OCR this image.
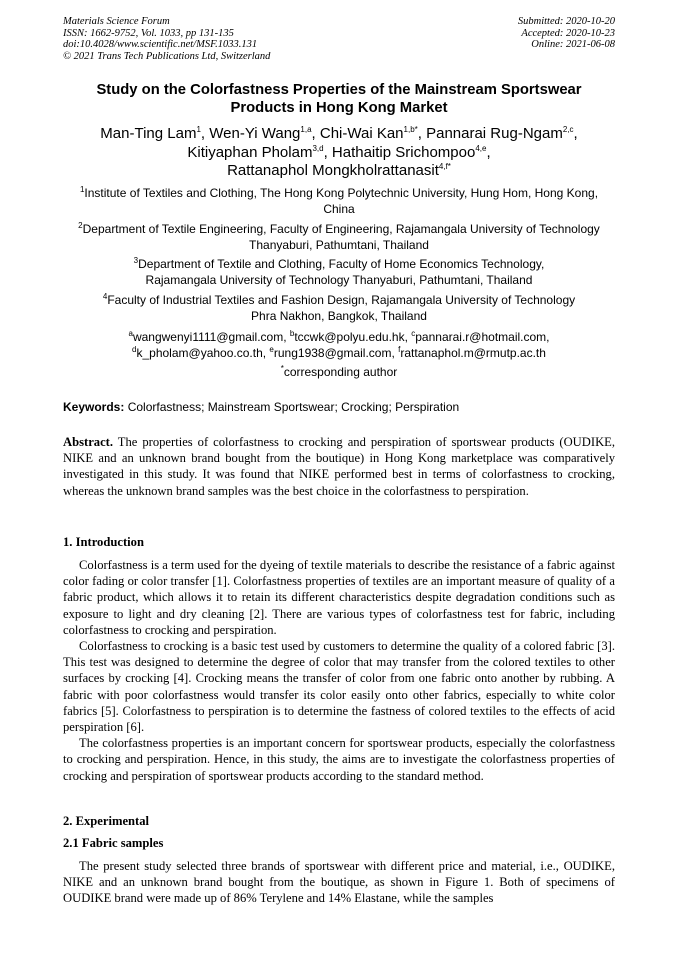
Materials Science Forum
ISSN: 1662-9752, Vol. 1033, pp 131-135
doi:10.4028/www.scientific.net/MSF.1033.131
© 2021 Trans Tech Publications Ltd, Switzerland
Submitted: 2020-10-20
Accepted: 2020-10-23
Online: 2021-06-08
Study on the Colorfastness Properties of the Mainstream Sportswear
Products in Hong Kong Market
Man-Ting Lam$^1$, Wen-Yi Wang$^{1,a}$, Chi-Wai Kan$^{1,b*}$, Pannarai Rug-Ngam$^{2,c}$,
Kitiyaphan Pholam$^{3,d}$, Hathaitip Srichompoo$^{4,e}$,
Rattanaphol Mongkholrattanasit$^{4,f*}$
$^1$Institute of Textiles and Clothing, The Hong Kong Polytechnic University, Hung Hom, Hong Kong,
China
$^2$Department of Textile Engineering, Faculty of Engineering, Rajamangala University of Technology
Thanyaburi, Pathumtani, Thailand
$^3$Department of Textile and Clothing, Faculty of Home Economics Technology,
Rajamangala University of Technology Thanyaburi, Pathumtani, Thailand
$^4$Faculty of Industrial Textiles and Fashion Design, Rajamangala University of Technology
Phra Nakhon, Bangkok, Thailand
$^a$wangwenyi1111@gmail.com, $^b$tccwk@polyu.edu.hk, $^c$pannarai.r@hotmail.com,
$^d$k_pholam@yahoo.co.th, $^e$rung1938@gmail.com, $^f$rattanaphol.m@rmutp.ac.th
*corresponding author
Keywords: Colorfastness; Mainstream Sportswear; Crocking; Perspiration

Abstract. The properties of colorfastness to crocking and perspiration of sportswear products (OUDIKE, NIKE and an unknown brand bought from the boutique) in Hong Kong marketplace was comparatively investigated in this study. It was found that NIKE performed best in terms of colorfastness to crocking, whereas the unknown brand samples was the best choice in the colorfastness to perspiration.

1. Introduction

Colorfastness is a term used for the dyeing of textile materials to describe the resistance of a fabric against color fading or color transfer [1]. Colorfastness properties of textiles are an important measure of quality of a fabric product, which allows it to retain its different characteristics despite degradation conditions such as exposure to light and dry cleaning [2]. There are various types of colorfastness test for fabric, including colorfastness to crocking and perspiration.

Colorfastness to crocking is a basic test used by customers to determine the quality of a colored fabric [3]. This test was designed to determine the degree of color that may transfer from the colored textiles to other surfaces by crocking [4]. Crocking means the transfer of color from one fabric onto another by rubbing. A fabric with poor colorfastness would transfer its color easily onto other fabrics, especially to white color fabrics [5]. Colorfastness to perspiration is to determine the fastness of colored textiles to the effects of acid perspiration [6].

The colorfastness properties is an important concern for sportswear products, especially the colorfastness to crocking and perspiration. Hence, in this study, the aims are to investigate the colorfastness properties of crocking and perspiration of sportswear products according to the standard method.

2. Experimental
2.1 Fabric samples

The present study selected three brands of sportswear with different price and material, i.e., OUDIKE, NIKE and an unknown brand bought from the boutique, as shown in Figure 1. Both of specimens of OUDIKE brand were made up of 86% Terylene and 14% Elastane, while the samples
